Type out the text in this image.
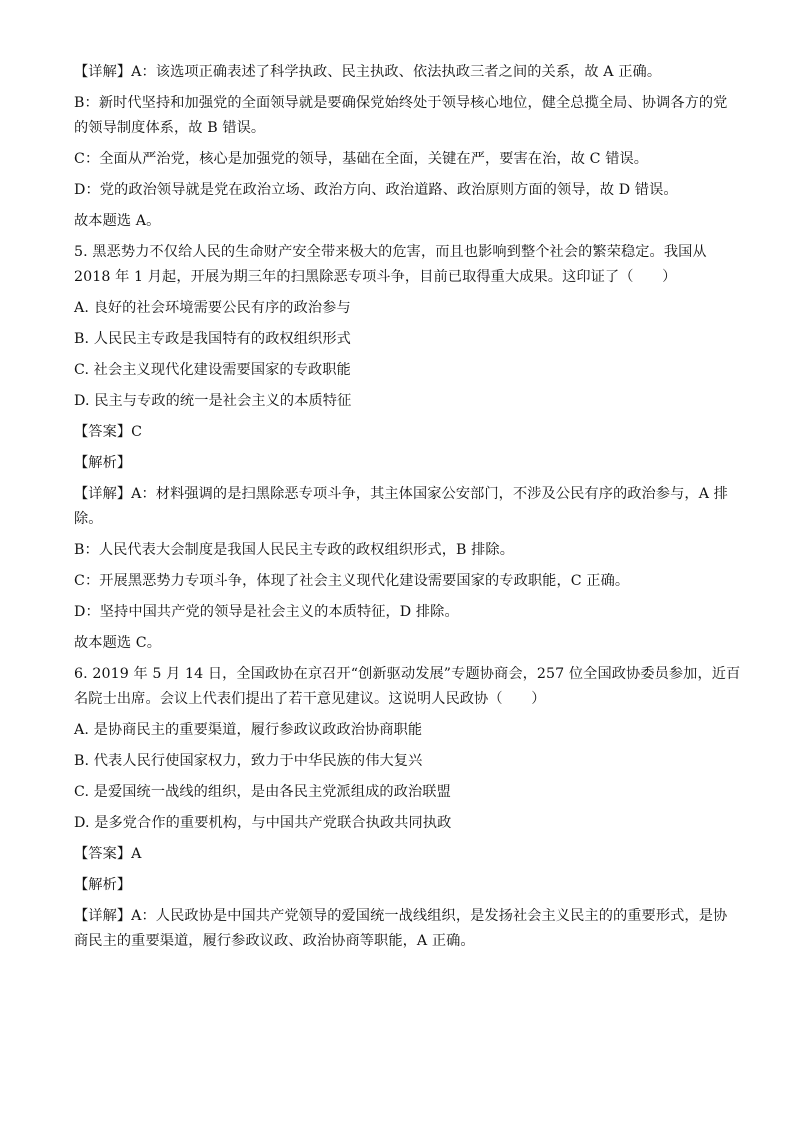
【详解】A：该选项正确表述了科学执政、民主执政、依法执政三者之间的关系，故 A 正确。
B：新时代坚持和加强党的全面领导就是要确保党始终处于领导核心地位，健全总揽全局、协调各方的党
的领导制度体系，故 B 错误。
C：全面从严治党，核心是加强党的领导，基础在全面，关键在严，要害在治，故 C 错误。
D：党的政治领导就是党在政治立场、政治方向、政治道路、政治原则方面的领导，故 D 错误。
故本题选 A。
5. 黑恶势力不仅给人民的生命财产安全带来极大的危害，而且也影响到整个社会的繁荣稳定。我国从
2018 年 1 月起，开展为期三年的扫黑除恶专项斗争，目前已取得重大成果。这印证了（　　）
A. 良好的社会环境需要公民有序的政治参与
B. 人民民主专政是我国特有的政权组织形式
C. 社会主义现代化建设需要国家的专政职能
D. 民主与专政的统一是社会主义的本质特征
【答案】C
【解析】
【详解】A：材料强调的是扫黑除恶专项斗争，其主体国家公安部门，不涉及公民有序的政治参与，A 排
除。
B：人民代表大会制度是我国人民民主专政的政权组织形式，B 排除。
C：开展黑恶势力专项斗争，体现了社会主义现代化建设需要国家的专政职能，C 正确。
D：坚持中国共产党的领导是社会主义的本质特征，D 排除。
故本题选 C。
6. 2019 年 5 月 14 日，全国政协在京召开“创新驱动发展”专题协商会，257 位全国政协委员参加，近百
名院士出席。会议上代表们提出了若干意见建议。这说明人民政协（　　）
A. 是协商民主的重要渠道，履行参政议政政治协商职能
B. 代表人民行使国家权力，致力于中华民族的伟大复兴
C. 是爱国统一战线的组织，是由各民主党派组成的政治联盟
D. 是多党合作的重要机构，与中国共产党联合执政共同执政
【答案】A
【解析】
【详解】A：人民政协是中国共产党领导的爱国统一战线组织，是发扬社会主义民主的的重要形式，是协
商民主的重要渠道，履行参政议政、政治协商等职能，A 正确。
